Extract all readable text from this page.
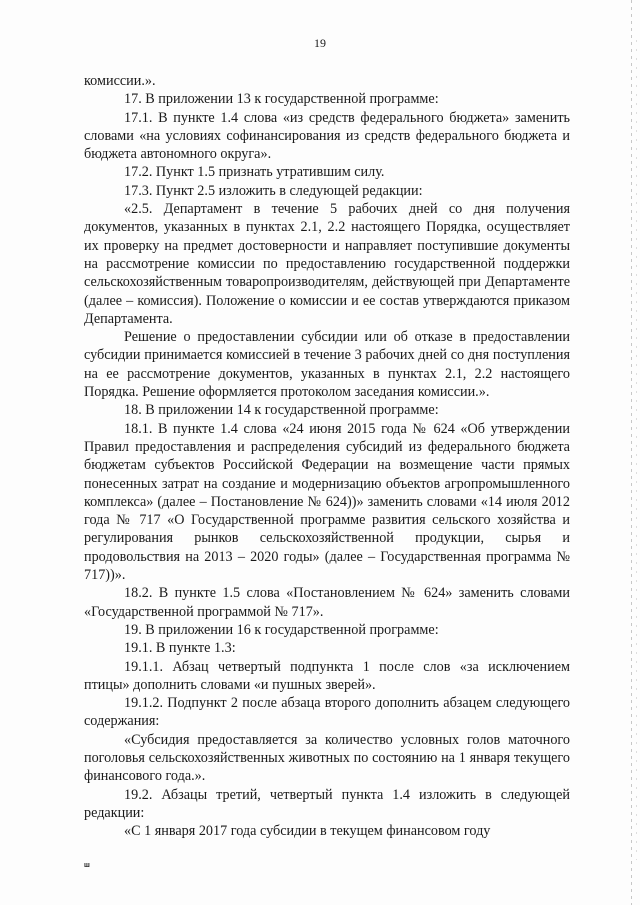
19

комиссии.».

17. В приложении 13 к государственной программе:

17.1. В пункте 1.4 слова «из средств федерального бюджета» заменить словами «на условиях софинансирования из средств федерального бюджета и бюджета автономного округа».

17.2. Пункт 1.5 признать утратившим силу.

17.3. Пункт 2.5 изложить в следующей редакции:

«2.5. Департамент в течение 5 рабочих дней со дня получения документов, указанных в пунктах 2.1, 2.2 настоящего Порядка, осуществляет их проверку на предмет достоверности и направляет поступившие документы на рассмотрение комиссии по предоставлению государственной поддержки сельскохозяйственным товаропроизводителям, действующей при Департаменте (далее – комиссия). Положение о комиссии и ее состав утверждаются приказом Департамента.

Решение о предоставлении субсидии или об отказе в предоставлении субсидии принимается комиссией в течение 3 рабочих дней со дня поступления на ее рассмотрение документов, указанных в пунктах 2.1, 2.2 настоящего Порядка. Решение оформляется протоколом заседания комиссии.».

18. В приложении 14 к государственной программе:

18.1. В пункте 1.4 слова «24 июня 2015 года № 624 «Об утверждении Правил предоставления и распределения субсидий из федерального бюджета бюджетам субъектов Российской Федерации на возмещение части прямых понесенных затрат на создание и модернизацию объектов агропромышленного комплекса» (далее – Постановление № 624))» заменить словами «14 июля 2012 года № 717 «О Государственной программе развития сельского хозяйства и регулирования рынков сельскохозяйственной продукции, сырья и продовольствия на 2013 – 2020 годы» (далее – Государственная программа № 717))».

18.2. В пункте 1.5 слова «Постановлением № 624» заменить словами «Государственной программой № 717».

19. В приложении 16 к государственной программе:

19.1. В пункте 1.3:

19.1.1. Абзац четвертый подпункта 1 после слов «за исключением птицы» дополнить словами «и пушных зверей».

19.1.2. Подпункт 2 после абзаца второго дополнить абзацем следующего содержания:

«Субсидия предоставляется за количество условных голов маточного поголовья сельскохозяйственных животных по состоянию на 1 января текущего финансового года.».

19.2. Абзацы третий, четвертый пункта 1.4 изложить в следующей редакции:

«С 1 января 2017 года субсидии в текущем финансовом году

ш
